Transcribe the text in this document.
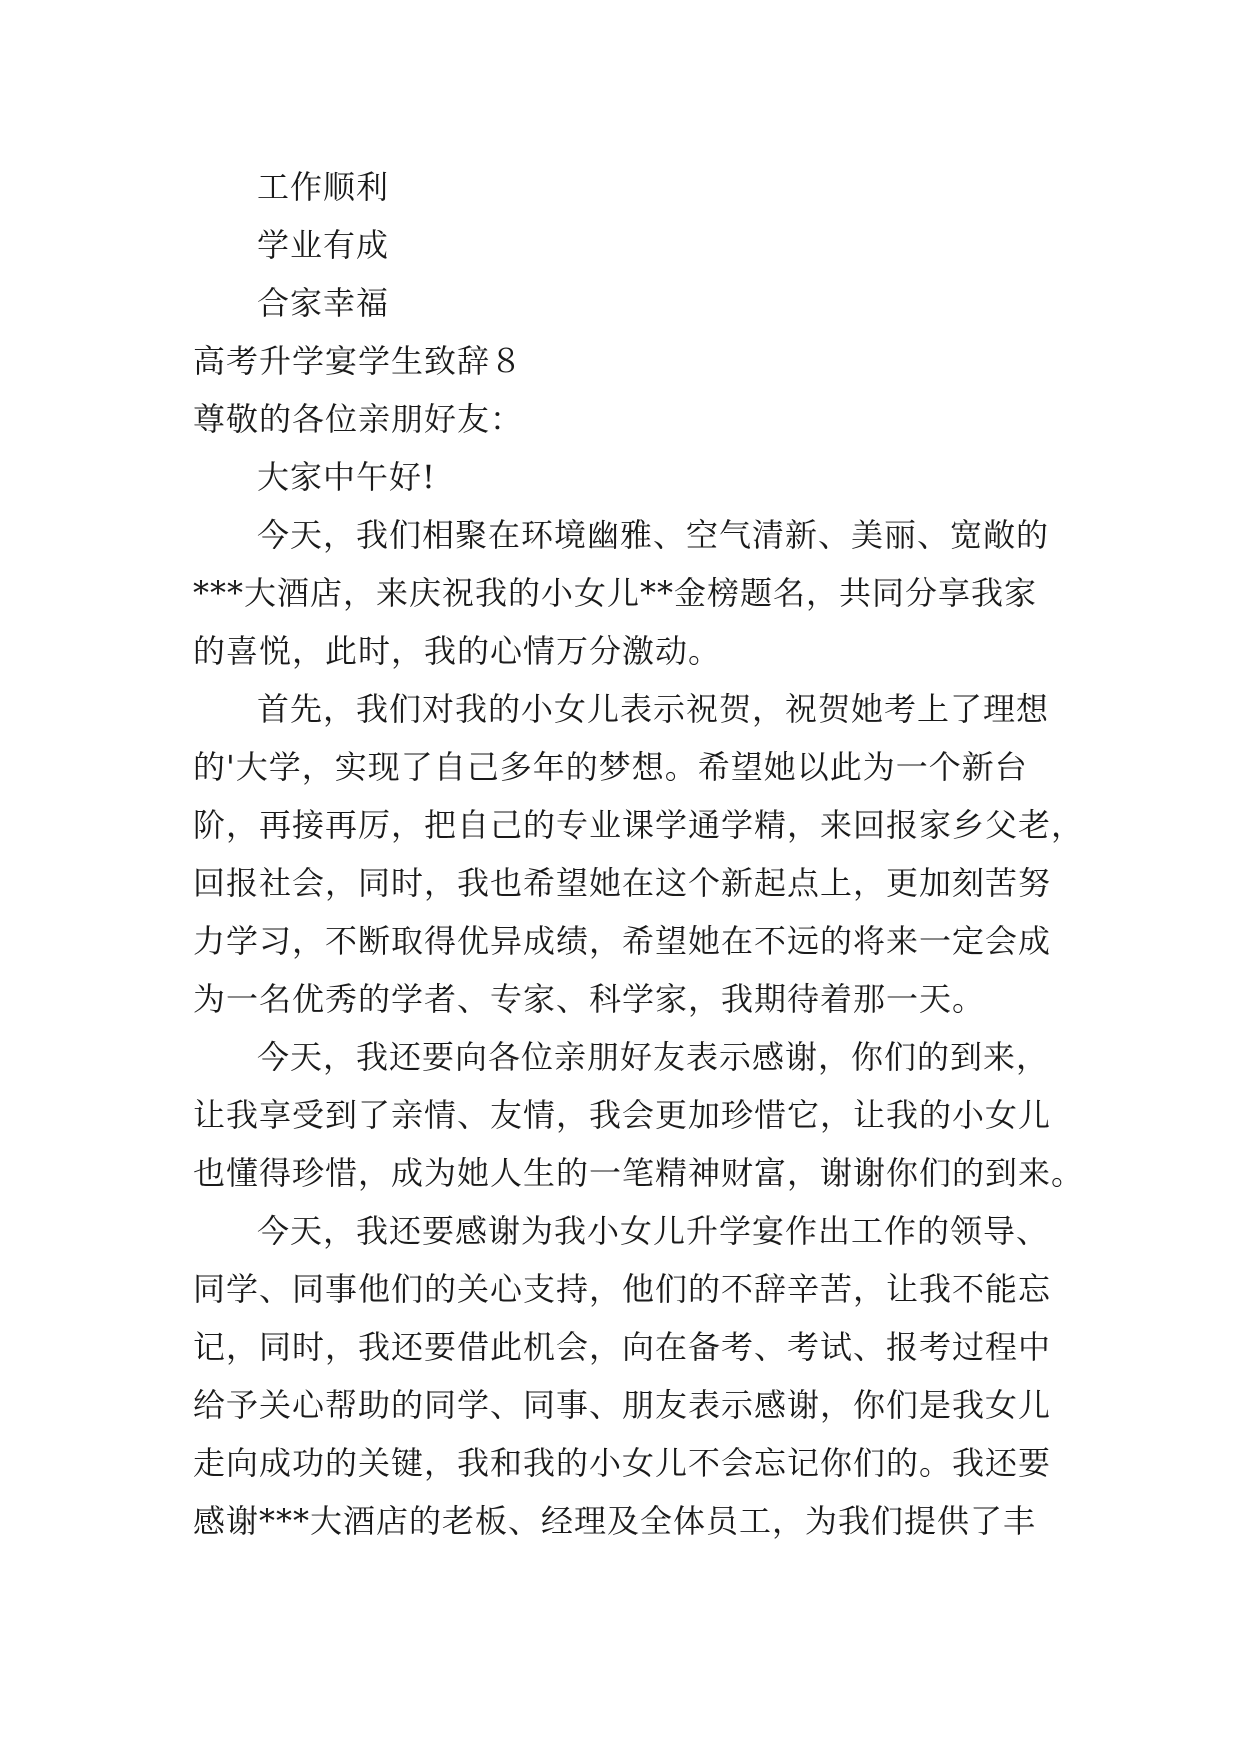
工作顺利

学业有成

合家幸福

高考升学宴学生致辞８

尊敬的各位亲朋好友：

大家中午好!

今天，我们相聚在环境幽雅、空气清新、美丽、宽敞的

***大酒店，来庆祝我的小女儿**金榜题名，共同分享我家

的喜悦，此时，我的心情万分激动。

首先，我们对我的小女儿表示祝贺，祝贺她考上了理想

的'大学，实现了自己多年的梦想。希望她以此为一个新台

阶，再接再厉，把自己的专业课学通学精，来回报家乡父老，

回报社会，同时，我也希望她在这个新起点上，更加刻苦努

力学习，不断取得优异成绩，希望她在不远的将来一定会成

为一名优秀的学者、专家、科学家，我期待着那一天。

今天，我还要向各位亲朋好友表示感谢，你们的到来，

让我享受到了亲情、友情，我会更加珍惜它，让我的小女儿

也懂得珍惜，成为她人生的一笔精神财富，谢谢你们的到来。

今天，我还要感谢为我小女儿升学宴作出工作的领导、

同学、同事他们的关心支持，他们的不辞辛苦，让我不能忘

记，同时，我还要借此机会，向在备考、考试、报考过程中

给予关心帮助的同学、同事、朋友表示感谢，你们是我女儿

走向成功的关键，我和我的小女儿不会忘记你们的。我还要

感谢***大酒店的老板、经理及全体员工，为我们提供了丰
